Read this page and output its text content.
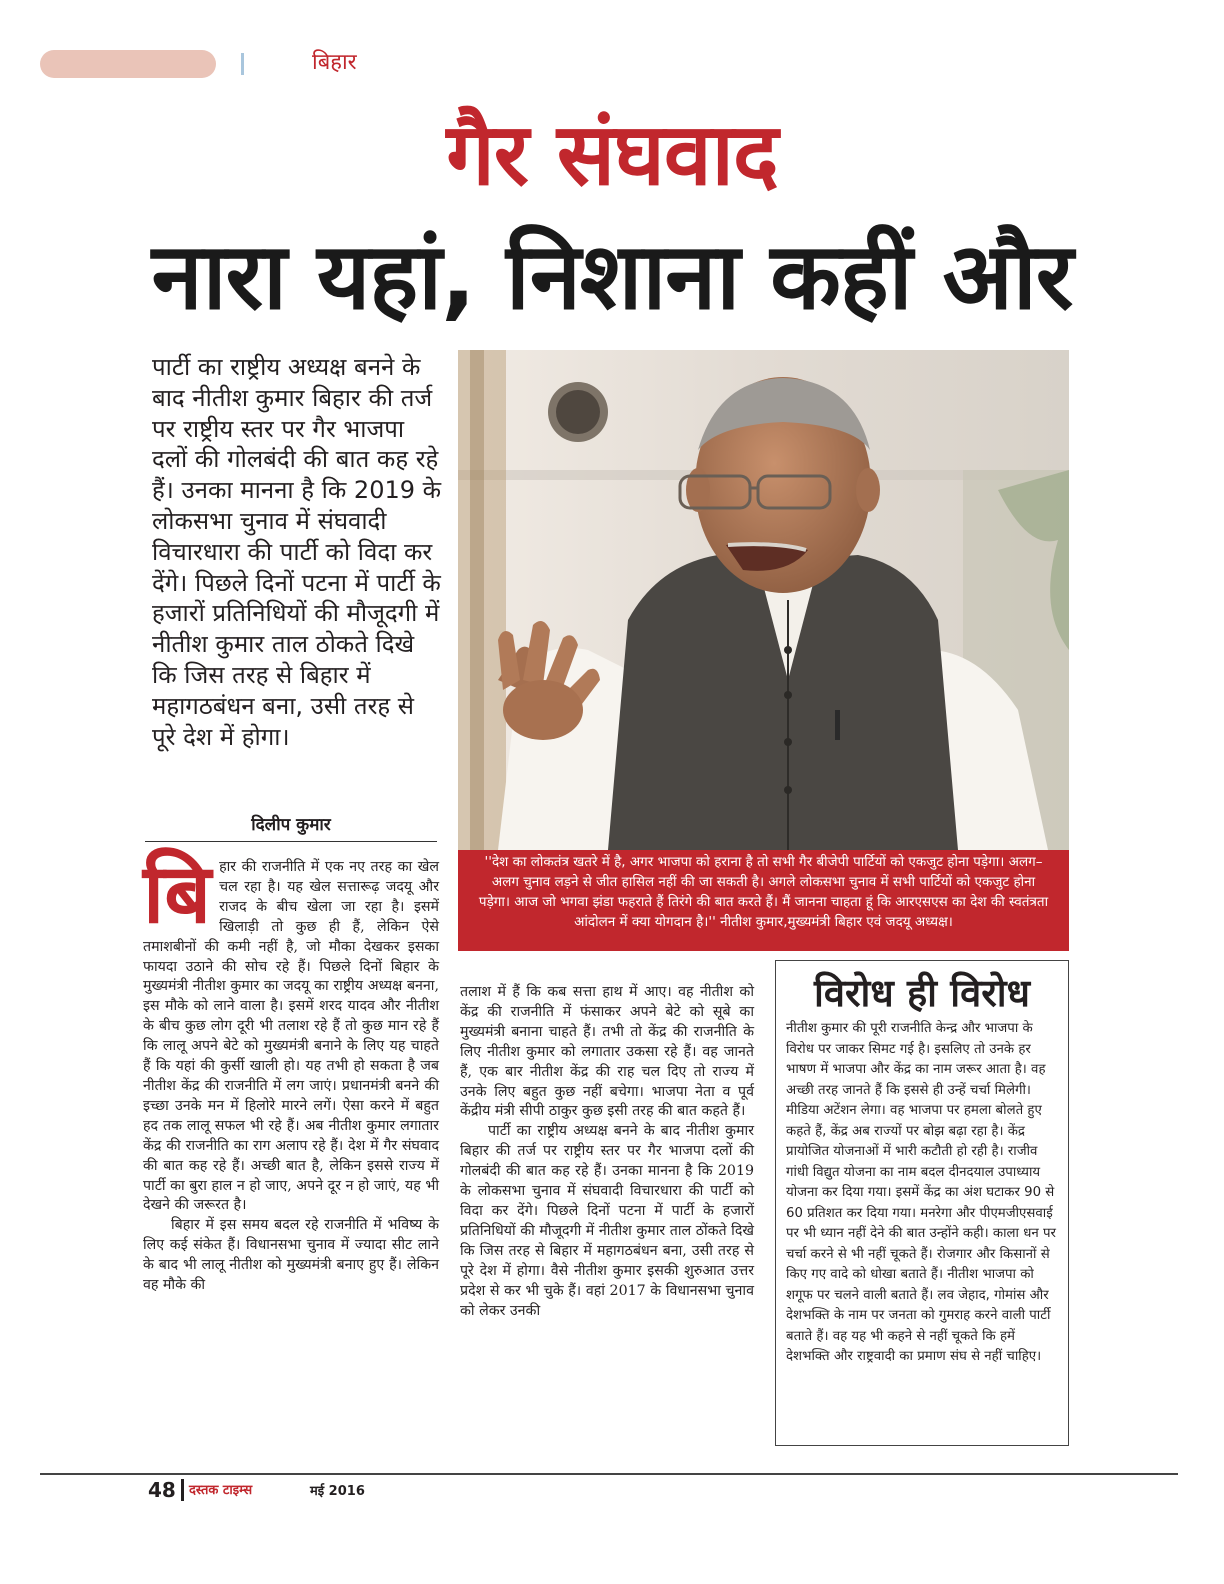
बिहार
गैर संघवाद
नारा यहां, निशाना कहीं और
पार्टी का राष्ट्रीय अध्यक्ष बनने के बाद नीतीश कुमार बिहार की तर्ज पर राष्ट्रीय स्तर पर गैर भाजपा दलों की गोलबंदी की बात कह रहे हैं। उनका मानना है कि 2019 के लोकसभा चुनाव में संघवादी विचारधारा की पार्टी को विदा कर देंगे। पिछले दिनों पटना में पार्टी के हजारों प्रतिनिधियों की मौजूदगी में नीतीश कुमार ताल ठोकते दिखे कि जिस तरह से बिहार में महागठबंधन बना, उसी तरह से पूरे देश में होगा।
''देश का लोकतंत्र खतरे में है, अगर भाजपा को हराना है तो सभी गैर बीजेपी पार्टियों को एकजुट होना पड़ेगा। अलग–अलग चुनाव लड़ने से जीत हासिल नहीं की जा सकती है। अगले लोकसभा चुनाव में सभी पार्टियों को एकजुट होना पड़ेगा। आज जो भगवा झंडा फहराते हैं तिरंगे की बात करते हैं। मैं जानना चाहता हूं कि आरएसएस का देश की स्वतंत्रता आंदोलन में क्या योगदान है।'' नीतीश कुमार,मुख्यमंत्री बिहार एवं जदयू अध्यक्ष।
दिलीप कुमार

बिहार की राजनीति में एक नए तरह का खेल चल रहा है। यह खेल सत्तारूढ़ जदयू और राजद के बीच खेला जा रहा है। इसमें खिलाड़ी तो कुछ ही हैं, लेकिन ऐसे तमाशबीनों की कमी नहीं है, जो मौका देखकर इसका फायदा उठाने की सोच रहे हैं। पिछले दिनों बिहार के मुख्यमंत्री नीतीश कुमार का जदयू का राष्ट्रीय अध्यक्ष बनना, इस मौके को लाने वाला है। इसमें शरद यादव और नीतीश के बीच कुछ लोग दूरी भी तलाश रहे हैं तो कुछ मान रहे हैं कि लालू अपने बेटे को मुख्यमंत्री बनाने के लिए यह चाहते हैं कि यहां की कुर्सी खाली हो। यह तभी हो सकता है जब नीतीश केंद्र की राजनीति में लग जाएं। प्रधानमंत्री बनने की इच्छा उनके मन में हिलोरे मारने लगें। ऐसा करने में बहुत हद तक लालू सफल भी रहे हैं। अब नीतीश कुमार लगातार केंद्र की राजनीति का राग अलाप रहे हैं। देश में गैर संघवाद की बात कह रहे हैं। अच्छी बात है, लेकिन इससे राज्य में पार्टी का बुरा हाल न हो जाए, अपने दूर न हो जाएं, यह भी देखने की जरूरत है।

बिहार में इस समय बदल रहे राजनीति में भविष्य के लिए कई संकेत हैं। विधानसभा चुनाव में ज्यादा सीट लाने के बाद भी लालू नीतीश को मुख्यमंत्री बनाए हुए हैं। लेकिन वह मौके की

तलाश में हैं कि कब सत्ता हाथ में आए। वह नीतीश को केंद्र की राजनीति में फंसाकर अपने बेटे को सूबे का मुख्यमंत्री बनाना चाहते हैं। तभी तो केंद्र की राजनीति के लिए नीतीश कुमार को लगातार उकसा रहे हैं। वह जानते हैं, एक बार नीतीश केंद्र की राह चल दिए तो राज्य में उनके लिए बहुत कुछ नहीं बचेगा। भाजपा नेता व पूर्व केंद्रीय मंत्री सीपी ठाकुर कुछ इसी तरह की बात कहते हैं।

पार्टी का राष्ट्रीय अध्यक्ष बनने के बाद नीतीश कुमार बिहार की तर्ज पर राष्ट्रीय स्तर पर गैर भाजपा दलों की गोलबंदी की बात कह रहे हैं। उनका मानना है कि 2019 के लोकसभा चुनाव में संघवादी विचारधारा की पार्टी को विदा कर देंगे। पिछले दिनों पटना में पार्टी के हजारों प्रतिनिधियों की मौजूदगी में नीतीश कुमार ताल ठोंकते दिखे कि जिस तरह से बिहार में महागठबंधन बना, उसी तरह से पूरे देश में होगा। वैसे नीतीश कुमार इसकी शुरुआत उत्तर प्रदेश से कर भी चुके हैं। वहां 2017 के विधानसभा चुनाव को लेकर उनकी

विरोध ही विरोध
नीतीश कुमार की पूरी राजनीति केन्द्र और भाजपा के विरोध पर जाकर सिमट गई है। इसलिए तो उनके हर भाषण में भाजपा और केंद्र का नाम जरूर आता है। वह अच्छी तरह जानते हैं कि इससे ही उन्हें चर्चा मिलेगी। मीडिया अटेंशन लेगा। वह भाजपा पर हमला बोलते हुए कहते हैं, केंद्र अब राज्यों पर बोझ बढ़ा रहा है। केंद्र प्रायोजित योजनाओं में भारी कटौती हो रही है। राजीव गांधी विद्युत योजना का नाम बदल दीनदयाल उपाध्याय योजना कर दिया गया। इसमें केंद्र का अंश घटाकर 90 से 60 प्रतिशत कर दिया गया। मनरेगा और पीएमजीएसवाई पर भी ध्यान नहीं देने की बात उन्होंने कही। काला धन पर चर्चा करने से भी नहीं चूकते हैं। रोजगार और किसानों से किए गए वादे को धोखा बताते हैं। नीतीश भाजपा को शगूफ पर चलने वाली बताते हैं। लव जेहाद, गोमांस और देशभक्ति के नाम पर जनता को गुमराह करने वाली पार्टी बताते हैं। वह यह भी कहने से नहीं चूकते कि हमें देशभक्ति और राष्ट्रवादी का प्रमाण संघ से नहीं चाहिए।
48 दस्तक टाइम्स	मई 2016
